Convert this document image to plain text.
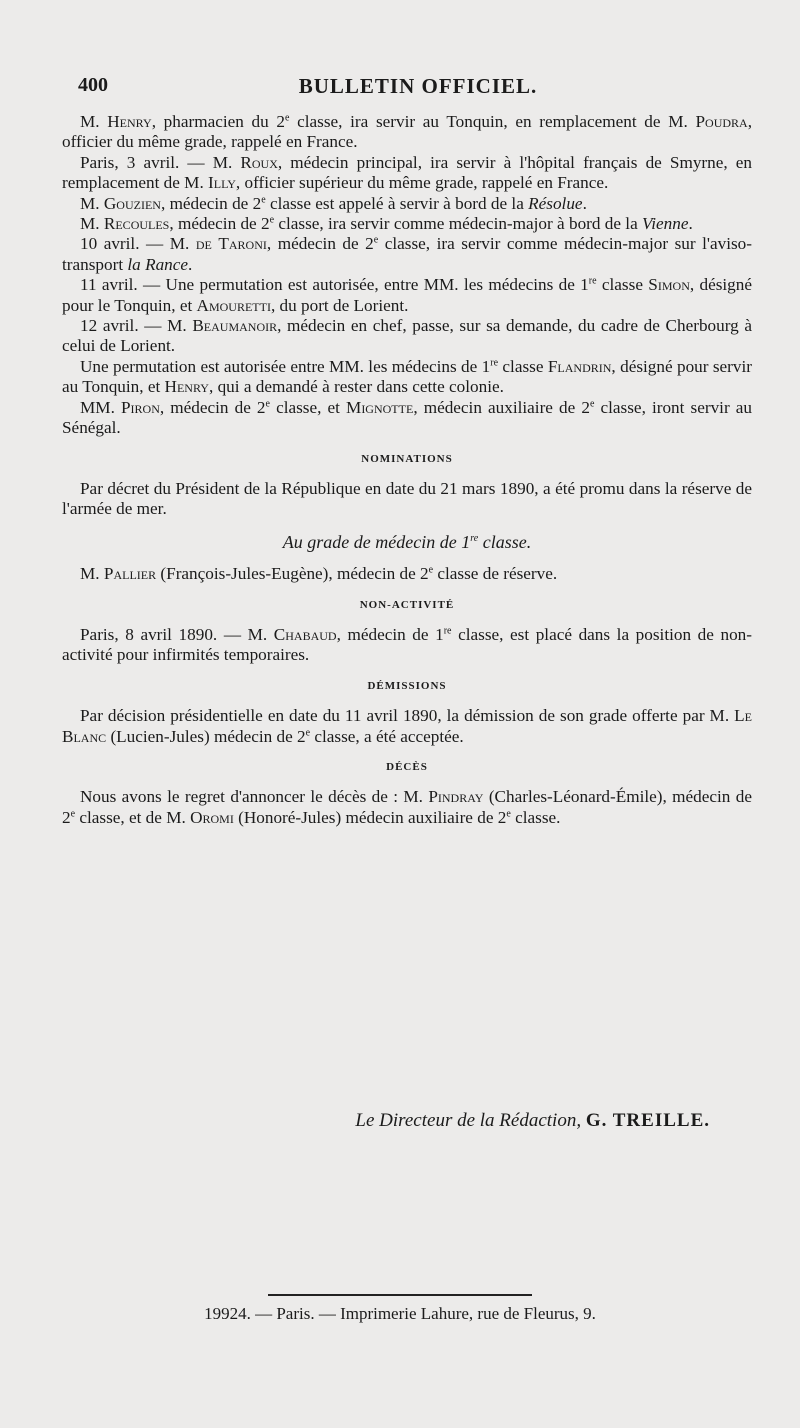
400	BULLETIN OFFICIEL.

M. Henry, pharmacien du 2e classe, ira servir au Tonquin, en remplacement de M. Poudra, officier du même grade, rappelé en France.

Paris, 3 avril. — M. Roux, médecin principal, ira servir à l'hôpital français de Smyrne, en remplacement de M. Illy, officier supérieur du même grade, rappelé en France.

M. Gouzien, médecin de 2e classe est appelé à servir à bord de la Résolue.

M. Recoules, médecin de 2e classe, ira servir comme médecin-major à bord de la Vienne.

10 avril. — M. de Taroni, médecin de 2e classe, ira servir comme médecin-major sur l'aviso-transport la Rance.

11 avril. — Une permutation est autorisée, entre MM. les médecins de 1re classe Simon, désigné pour le Tonquin, et Amouretti, du port de Lorient.

12 avril. — M. Beaumanoir, médecin en chef, passe, sur sa demande, du cadre de Cherbourg à celui de Lorient.

Une permutation est autorisée entre MM. les médecins de 1re classe Flandrin, désigné pour servir au Tonquin, et Henry, qui a demandé à rester dans cette colonie.

MM. Piron, médecin de 2e classe, et Mignotte, médecin auxiliaire de 2e classe, iront servir au Sénégal.

NOMINATIONS

Par décret du Président de la République en date du 21 mars 1890, a été promu dans la réserve de l'armée de mer.

Au grade de médecin de 1re classe.

M. Pallier (François-Jules-Eugène), médecin de 2e classe de réserve.

NON-ACTIVITÉ

Paris, 8 avril 1890. — M. Chabaud, médecin de 1re classe, est placé dans la position de non-activité pour infirmités temporaires.

DÉMISSIONS

Par décision présidentielle en date du 11 avril 1890, la démission de son grade offerte par M. Le Blanc (Lucien-Jules) médecin de 2e classe, a été acceptée.

DÉCÈS

Nous avons le regret d'annoncer le décès de : M. Pindray (Charles-Léonard-Émile), médecin de 2e classe, et de M. Oromi (Honoré-Jules) médecin auxiliaire de 2e classe.

Le Directeur de la Rédaction, G. TREILLE.
19924. — Paris. — Imprimerie Lahure, rue de Fleurus, 9.
